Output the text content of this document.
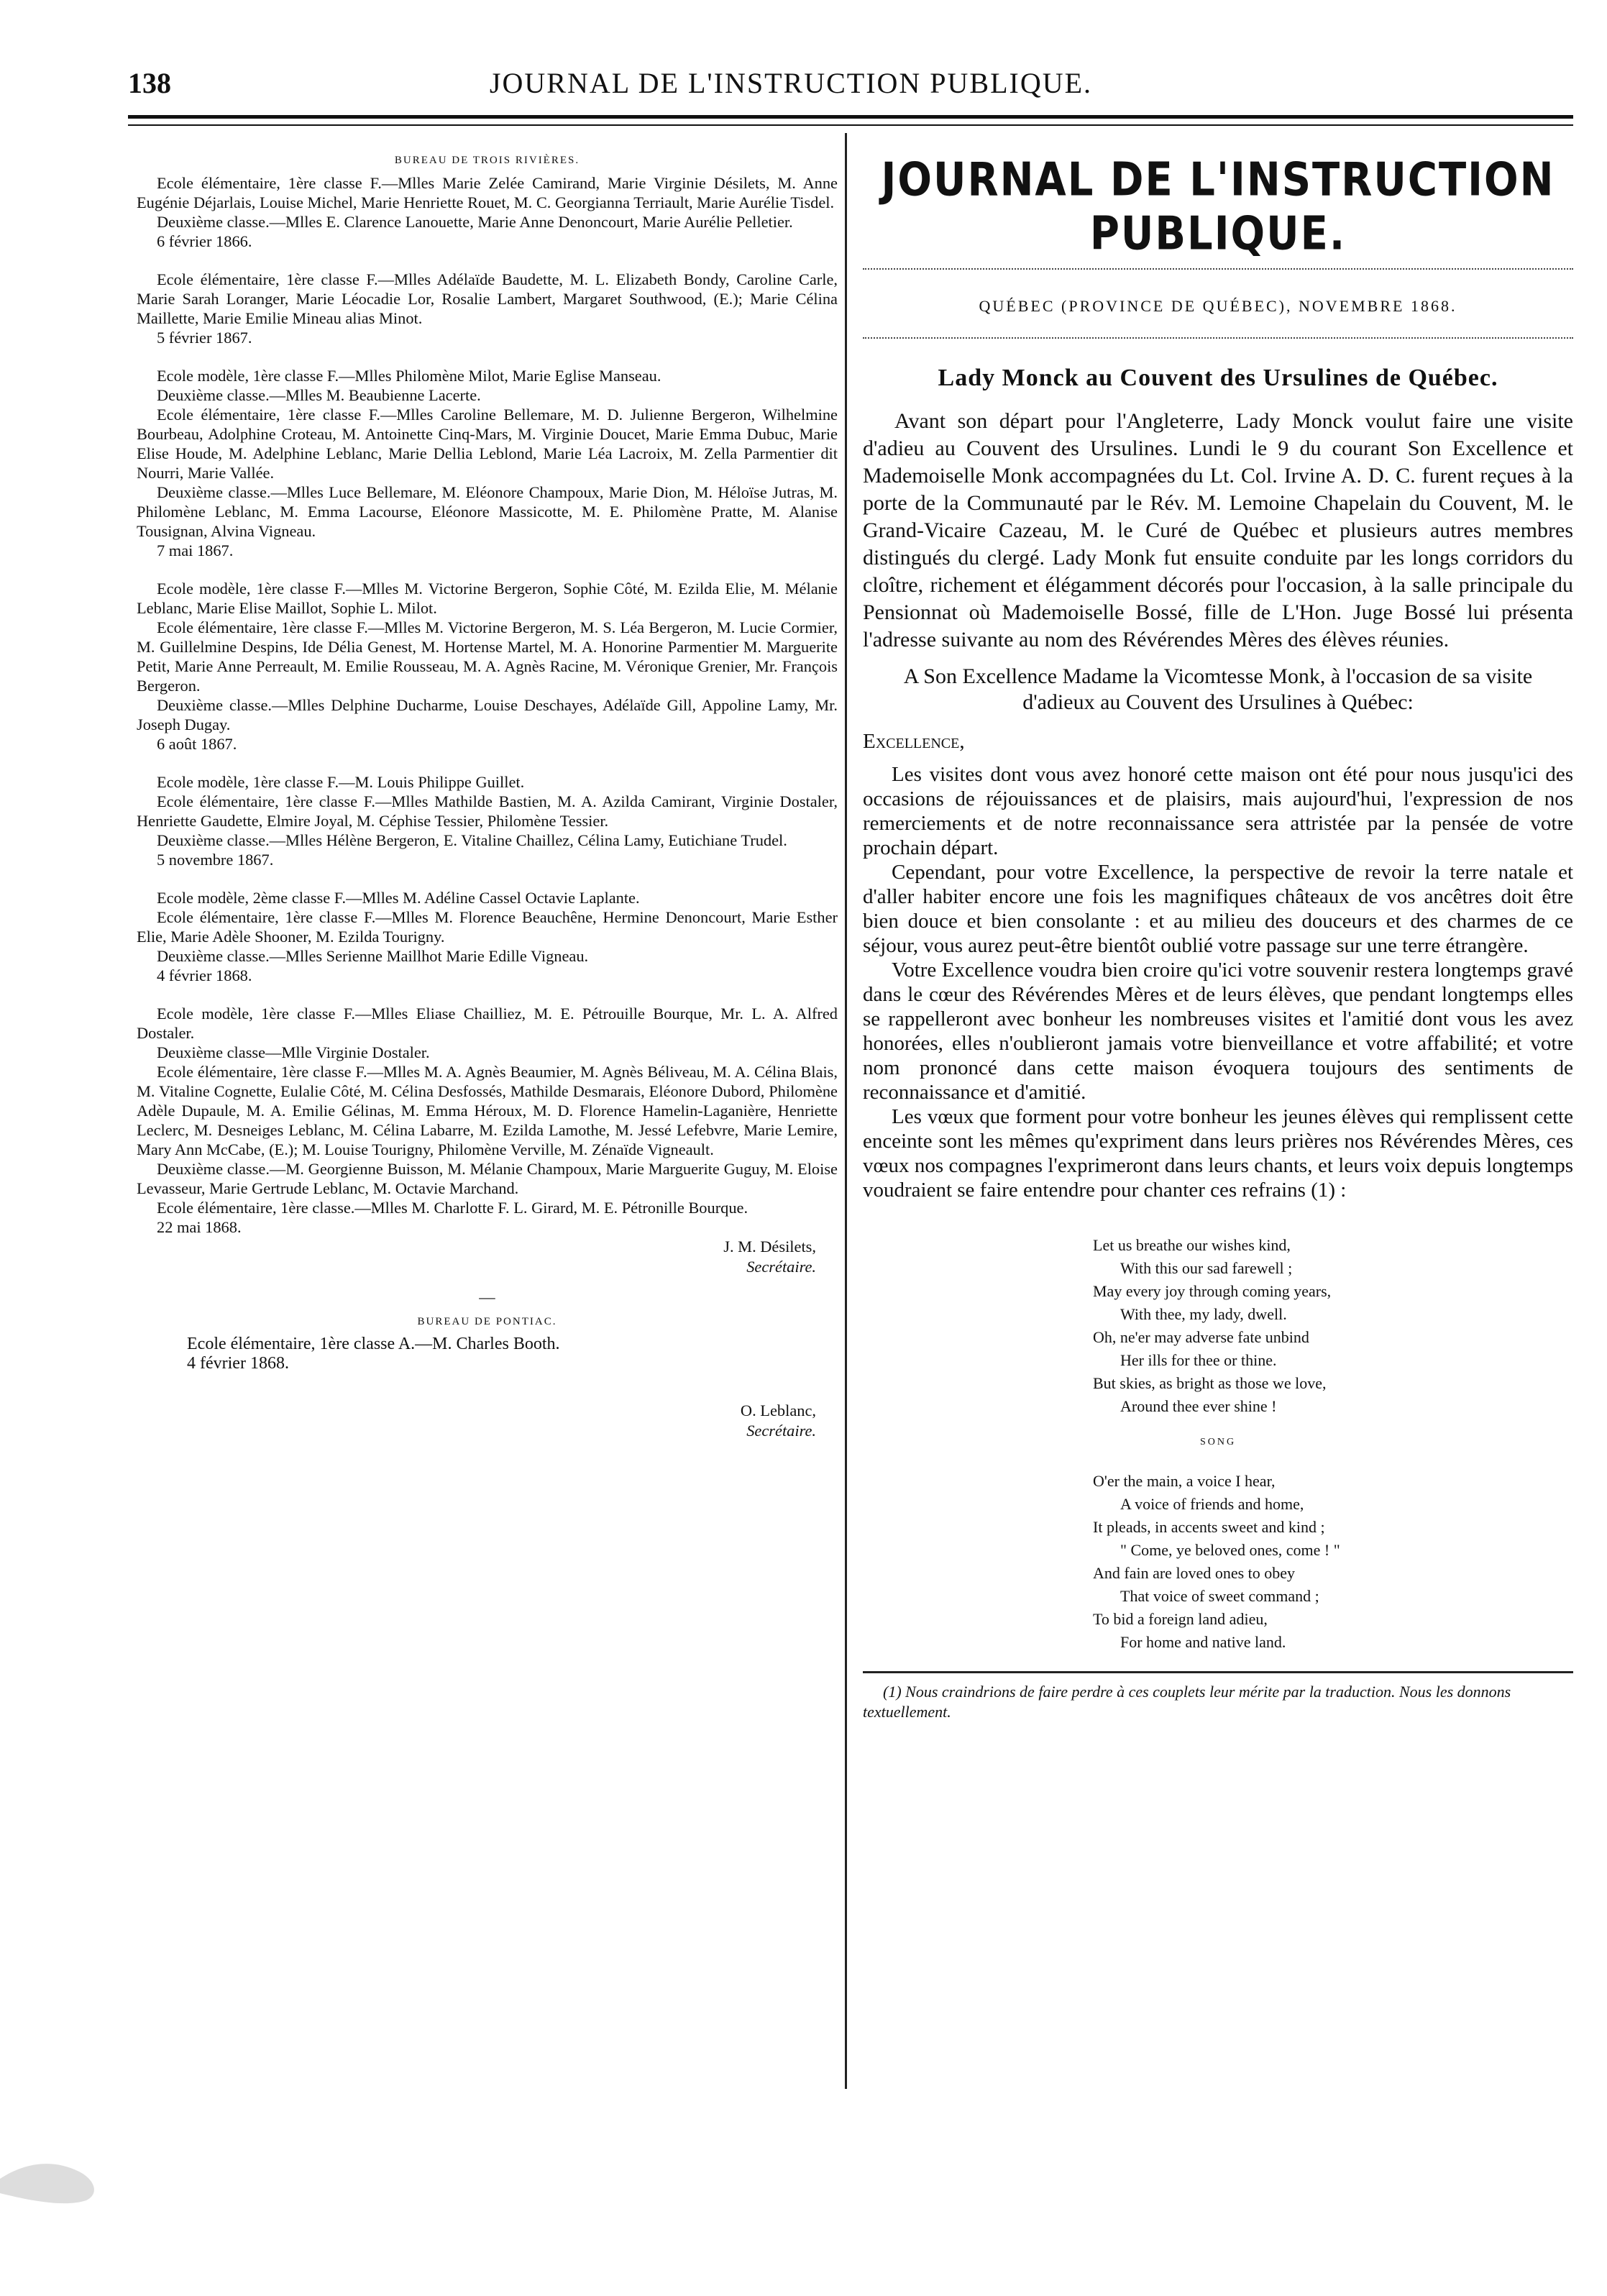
138	JOURNAL DE L'INSTRUCTION PUBLIQUE.
BUREAU DE TROIS RIVIÈRES.

Ecole élémentaire, 1ère classe F.—Mlles Marie Zelée Camirand, Marie Virginie Désilets, M. Anne Eugénie Déjarlais, Louise Michel, Marie Henriette Rouet, M. C. Georgianna Terriault, Marie Aurélie Tisdel.

Deuxième classe.—Mlles E. Clarence Lanouette, Marie Anne Denoncourt, Marie Aurélie Pelletier.

6 février 1866.

Ecole élémentaire, 1ère classe F.—Mlles Adélaïde Baudette, M. L. Elizabeth Bondy, Caroline Carle, Marie Sarah Loranger, Marie Léocadie Lor, Rosalie Lambert, Margaret Southwood, (E.); Marie Célina Maillette, Marie Emilie Mineau alias Minot.

5 février 1867.

Ecole modèle, 1ère classe F.—Mlles Philomène Milot, Marie Eglise Manseau.

Deuxième classe.—Mlles M. Beaubienne Lacerte.

Ecole élémentaire, 1ère classe F.—Mlles Caroline Bellemare, M. D. Julienne Bergeron, Wilhelmine Bourbeau, Adolphine Croteau, M. Antoinette Cinq-Mars, M. Virginie Doucet, Marie Emma Dubuc, Marie Elise Houde, M. Adelphine Leblanc, Marie Dellia Leblond, Marie Léa Lacroix, M. Zella Parmentier dit Nourri, Marie Vallée.

Deuxième classe.—Mlles Luce Bellemare, M. Eléonore Champoux, Marie Dion, M. Héloïse Jutras, M. Philomène Leblanc, M. Emma Lacourse, Eléonore Massicotte, M. E. Philomène Pratte, M. Alanise Tousignan, Alvina Vigneau.

7 mai 1867.

Ecole modèle, 1ère classe F.—Mlles M. Victorine Bergeron, Sophie Côté, M. Ezilda Elie, M. Mélanie Leblanc, Marie Elise Maillot, Sophie L. Milot.

Ecole élémentaire, 1ère classe F.—Mlles M. Victorine Bergeron, M. S. Léa Bergeron, M. Lucie Cormier, M. Guillelmine Despins, Ide Délia Genest, M. Hortense Martel, M. A. Honorine Parmentier M. Marguerite Petit, Marie Anne Perreault, M. Emilie Rousseau, M. A. Agnès Racine, M. Véronique Grenier, Mr. François Bergeron.

Deuxième classe.—Mlles Delphine Ducharme, Louise Deschayes, Adélaïde Gill, Appoline Lamy, Mr. Joseph Dugay.

6 août 1867.

Ecole modèle, 1ère classe F.—M. Louis Philippe Guillet.

Ecole élémentaire, 1ère classe F.—Mlles Mathilde Bastien, M. A. Azilda Camirant, Virginie Dostaler, Henriette Gaudette, Elmire Joyal, M. Céphise Tessier, Philomène Tessier.

Deuxième classe.—Mlles Hélène Bergeron, E. Vitaline Chaillez, Célina Lamy, Eutichiane Trudel.

5 novembre 1867.

Ecole modèle, 2ème classe F.—Mlles M. Adéline Cassel Octavie Laplante.

Ecole élémentaire, 1ère classe F.—Mlles M. Florence Beauchêne, Hermine Denoncourt, Marie Esther Elie, Marie Adèle Shooner, M. Ezilda Tourigny.

Deuxième classe.—Mlles Serienne Maillhot Marie Edille Vigneau.

4 février 1868.

Ecole modèle, 1ère classe F.—Mlles Eliase Chailliez, M. E. Pétrouille Bourque, Mr. L. A. Alfred Dostaler.

Deuxième classe—Mlle Virginie Dostaler.

Ecole élémentaire, 1ère classe F.—Mlles M. A. Agnès Beaumier, M. Agnès Béliveau, M. A. Célina Blais, M. Vitaline Cognette, Eulalie Côté, M. Célina Desfossés, Mathilde Desmarais, Eléonore Dubord, Philomène Adèle Dupaule, M. A. Emilie Gélinas, M. Emma Héroux, M. D. Florence Hamelin-Laganière, Henriette Leclerc, M. Desneiges Leblanc, M. Célina Labarre, M. Ezilda Lamothe, M. Jessé Lefebvre, Marie Lemire, Mary Ann McCabe, (E.); M. Louise Tourigny, Philomène Verville, M. Zénaïde Vigneault.

Deuxième classe.—M. Georgienne Buisson, M. Mélanie Champoux, Marie Marguerite Guguy, M. Eloise Levasseur, Marie Gertrude Leblanc, M. Octavie Marchand.

Ecole élémentaire, 1ère classe.—Mlles M. Charlotte F. L. Girard, M. E. Pétronille Bourque.

22 mai 1868.

J. M. Désilets,
Secrétaire.
—
BUREAU DE PONTIAC.

Ecole élémentaire, 1ère classe A.—M. Charles Booth.

4 février 1868.

O. Leblanc,
Secrétaire.
JOURNAL DE L'INSTRUCTION PUBLIQUE.
QUÉBEC (PROVINCE DE QUÉBEC), NOVEMBRE 1868.
Lady Monck au Couvent des Ursulines de Québec.

Avant son départ pour l'Angleterre, Lady Monck voulut faire une visite d'adieu au Couvent des Ursulines. Lundi le 9 du courant Son Excellence et Mademoiselle Monk accompagnées du Lt. Col. Irvine A. D. C. furent reçues à la porte de la Communauté par le Rév. M. Lemoine Chapelain du Couvent, M. le Grand-Vicaire Cazeau, M. le Curé de Québec et plusieurs autres membres distingués du clergé. Lady Monk fut ensuite conduite par les longs corridors du cloître, richement et élégamment décorés pour l'occasion, à la salle principale du Pensionnat où Mademoiselle Bossé, fille de L'Hon. Juge Bossé lui présenta l'adresse suivante au nom des Révérendes Mères des élèves réunies.

A Son Excellence Madame la Vicomtesse Monk, à l'occasion de sa visite d'adieux au Couvent des Ursulines à Québec:
Excellence,

Les visites dont vous avez honoré cette maison ont été pour nous jusqu'ici des occasions de réjouissances et de plaisirs, mais aujourd'hui, l'expression de nos remerciements et de notre reconnaissance sera attristée par la pensée de votre prochain départ.

Cependant, pour votre Excellence, la perspective de revoir la terre natale et d'aller habiter encore une fois les magnifiques châteaux de vos ancêtres doit être bien douce et bien consolante : et au milieu des douceurs et des charmes de ce séjour, vous aurez peut-être bientôt oublié votre passage sur une terre étrangère.

Votre Excellence voudra bien croire qu'ici votre souvenir restera longtemps gravé dans le cœur des Révérendes Mères et de leurs élèves, que pendant longtemps elles se rappelleront avec bonheur les nombreuses visites et l'amitié dont vous les avez honorées, elles n'oublieront jamais votre bienveillance et votre affabilité; et votre nom prononcé dans cette maison évoquera toujours des sentiments de reconnaissance et d'amitié.

Les vœux que forment pour votre bonheur les jeunes élèves qui remplissent cette enceinte sont les mêmes qu'expriment dans leurs prières nos Révérendes Mères, ces vœux nos compagnes l'exprimeront dans leurs chants, et leurs voix depuis longtemps voudraient se faire entendre pour chanter ces refrains (1) :

Let us breathe our wishes kind,
With this our sad farewell ;
May every joy through coming years,
With thee, my lady, dwell.
Oh, ne'er may adverse fate unbind
Her ills for thee or thine.
But skies, as bright as those we love,
Around thee ever shine !
SONG
O'er the main, a voice I hear,
A voice of friends and home,
It pleads, in accents sweet and kind ;
" Come, ye beloved ones, come ! "
And fain are loved ones to obey
That voice of sweet command ;
To bid a foreign land adieu,
For home and native land.
(1) Nous craindrions de faire perdre à ces couplets leur mérite par la traduction. Nous les donnons textuellement.
